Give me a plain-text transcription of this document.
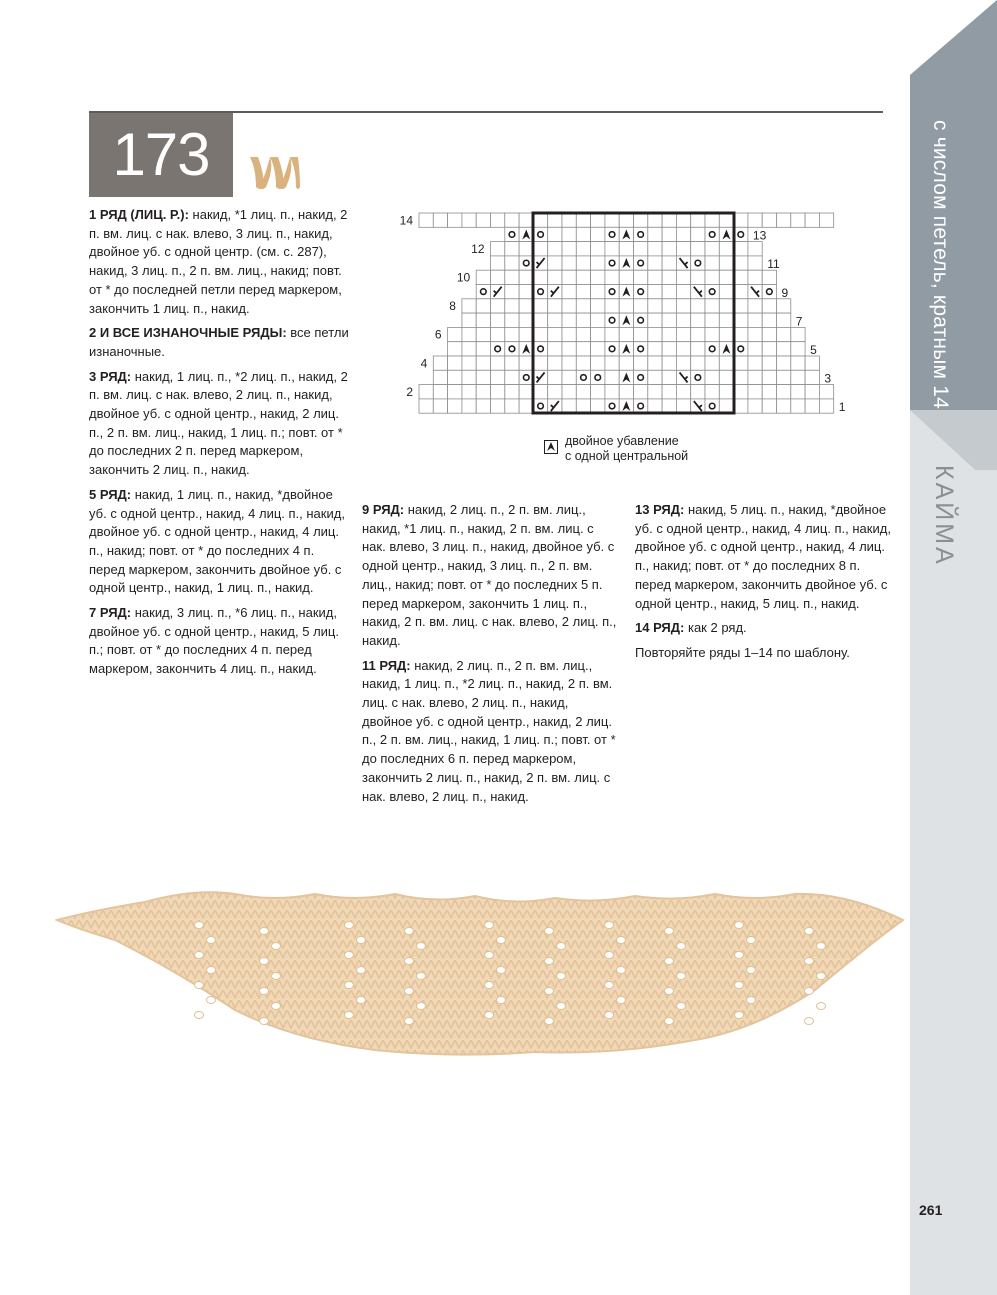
с числом петель, кратным 14
КАЙМА
173

1 РЯД (ЛИЦ. Р.): накид, *1 лиц. п., накид, 2 п. вм. лиц. с нак. влево, 3 лиц. п., накид, двойное уб. с одной центр. (см. с. 287), накид, 3 лиц. п., 2 п. вм. лиц., накид; повт. от * до последней петли перед маркером, закончить 1 лиц. п., накид.

2 И ВСЕ ИЗНАНОЧНЫЕ РЯДЫ: все петли изнаночные.

3 РЯД: накид, 1 лиц. п., *2 лиц. п., накид, 2 п. вм. лиц. с нак. влево, 2 лиц. п., накид, двойное уб. с одной центр., накид, 2 лиц. п., 2 п. вм. лиц., накид, 1 лиц. п.; повт. от * до последних 2 п. перед маркером, закончить 2 лиц. п., накид.

5 РЯД: накид, 1 лиц. п., накид, *двойное уб. с одной центр., накид, 4 лиц. п., накид, двойное уб. с одной центр., накид, 4 лиц. п., накид; повт. от * до последних 4 п. перед маркером, закончить двойное уб. с одной центр., накид, 1 лиц. п., накид.

7 РЯД: накид, 3 лиц. п., *6 лиц. п., накид, двойное уб. с одной центр., накид, 5 лиц. п.; повт. от * до последних 4 п. перед маркером, закончить 4 лиц. п., накид.

9 РЯД: накид, 2 лиц. п., 2 п. вм. лиц., накид, *1 лиц. п., накид, 2 п. вм. лиц. с нак. влево, 3 лиц. п., накид, двойное уб. с одной центр., накид, 3 лиц. п., 2 п. вм. лиц., накид; повт. от * до последних 5 п. перед маркером, закончить 1 лиц. п., накид, 2 п. вм. лиц. с нак. влево, 2 лиц. п., накид.

11 РЯД: накид, 2 лиц. п., 2 п. вм. лиц., накид, 1 лиц. п., *2 лиц. п., накид, 2 п. вм. лиц. с нак. влево, 2 лиц. п., накид, двойное уб. с одной центр., накид, 2 лиц. п., 2 п. вм. лиц., накид, 1 лиц. п.; повт. от * до последних 6 п. перед маркером, закончить 2 лиц. п., накид, 2 п. вм. лиц. с нак. влево, 2 лиц. п., накид.

13 РЯД: накид, 5 лиц. п., накид, *двойное уб. с одной центр., накид, 4 лиц. п., накид, двойное уб. с одной центр., накид, 4 лиц. п., накид; повт. от * до последних 8 п. перед маркером, закончить двойное уб. с одной центр., накид, 5 лиц. п., накид.

14 РЯД: как 2 ряд.

Повторяйте ряды 1–14 по шаблону.

14
12
10
8
6
4
2
13
11
9
7
5
3
1
двойное убавление
с одной центральной
261
